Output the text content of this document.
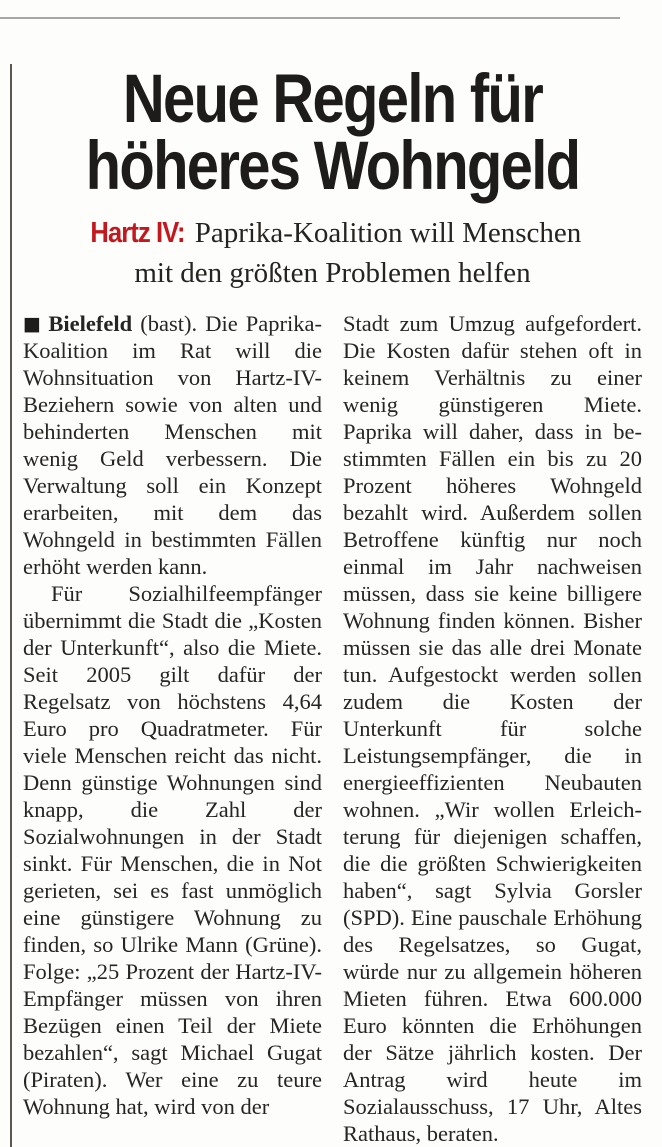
Neue Regeln für
höheres Wohngeld
Hartz IV: Paprika-Koalition will Menschen
mit den größten Problemen helfen

■ Bielefeld (bast). Die Paprika-Koalition im Rat will die Wohnsituation von Hartz-IV-Beziehern sowie von alten und behinderten Menschen mit wenig Geld verbessern. Die Verwaltung soll ein Konzept erarbeiten, mit dem das Wohngeld in bestimmten Fällen erhöht werden kann.

Für Sozialhilfeempfänger übernimmt die Stadt die „Kosten der Unterkunft“, also die Miete. Seit 2005 gilt dafür der Regelsatz von höchstens 4,64 Euro pro Quadratmeter. Für viele Menschen reicht das nicht. Denn günstige Wohnungen sind knapp, die Zahl der Sozialwohnungen in der Stadt sinkt. Für Menschen, die in Not gerieten, sei es fast unmöglich eine günstigere Wohnung zu finden, so Ulrike Mann (Grüne). Folge: „25 Prozent der Hartz-IV-Empfänger müssen von ihren Bezügen einen Teil der Miete bezahlen“, sagt Michael Gugat (Piraten). Wer eine zu teure Wohnung hat, wird von der

Stadt zum Umzug aufgefordert. Die Kosten dafür stehen oft in keinem Verhältnis zu einer wenig günstigeren Miete. Paprika will daher, dass in bestimmten Fällen ein bis zu 20 Prozent höheres Wohngeld bezahlt wird. Außerdem sollen Betroffene künftig nur noch einmal im Jahr nachweisen müssen, dass sie keine billigere Wohnung finden können. Bisher müssen sie das alle drei Monate tun. Aufgestockt werden sollen zudem die Kosten der Unterkunft für solche Leistungsempfänger, die in energieeffizienten Neubauten wohnen. „Wir wollen Erleichterung für diejenigen schaffen, die die größten Schwierigkeiten haben“, sagt Sylvia Gorsler (SPD). Eine pauschale Erhöhung des Regelsatzes, so Gugat, würde nur zu allgemein höheren Mieten führen. Etwa 600.000 Euro könnten die Erhöhungen der Sätze jährlich kosten. Der Antrag wird heute im Sozialausschuss, 17 Uhr, Altes Rathaus, beraten.
